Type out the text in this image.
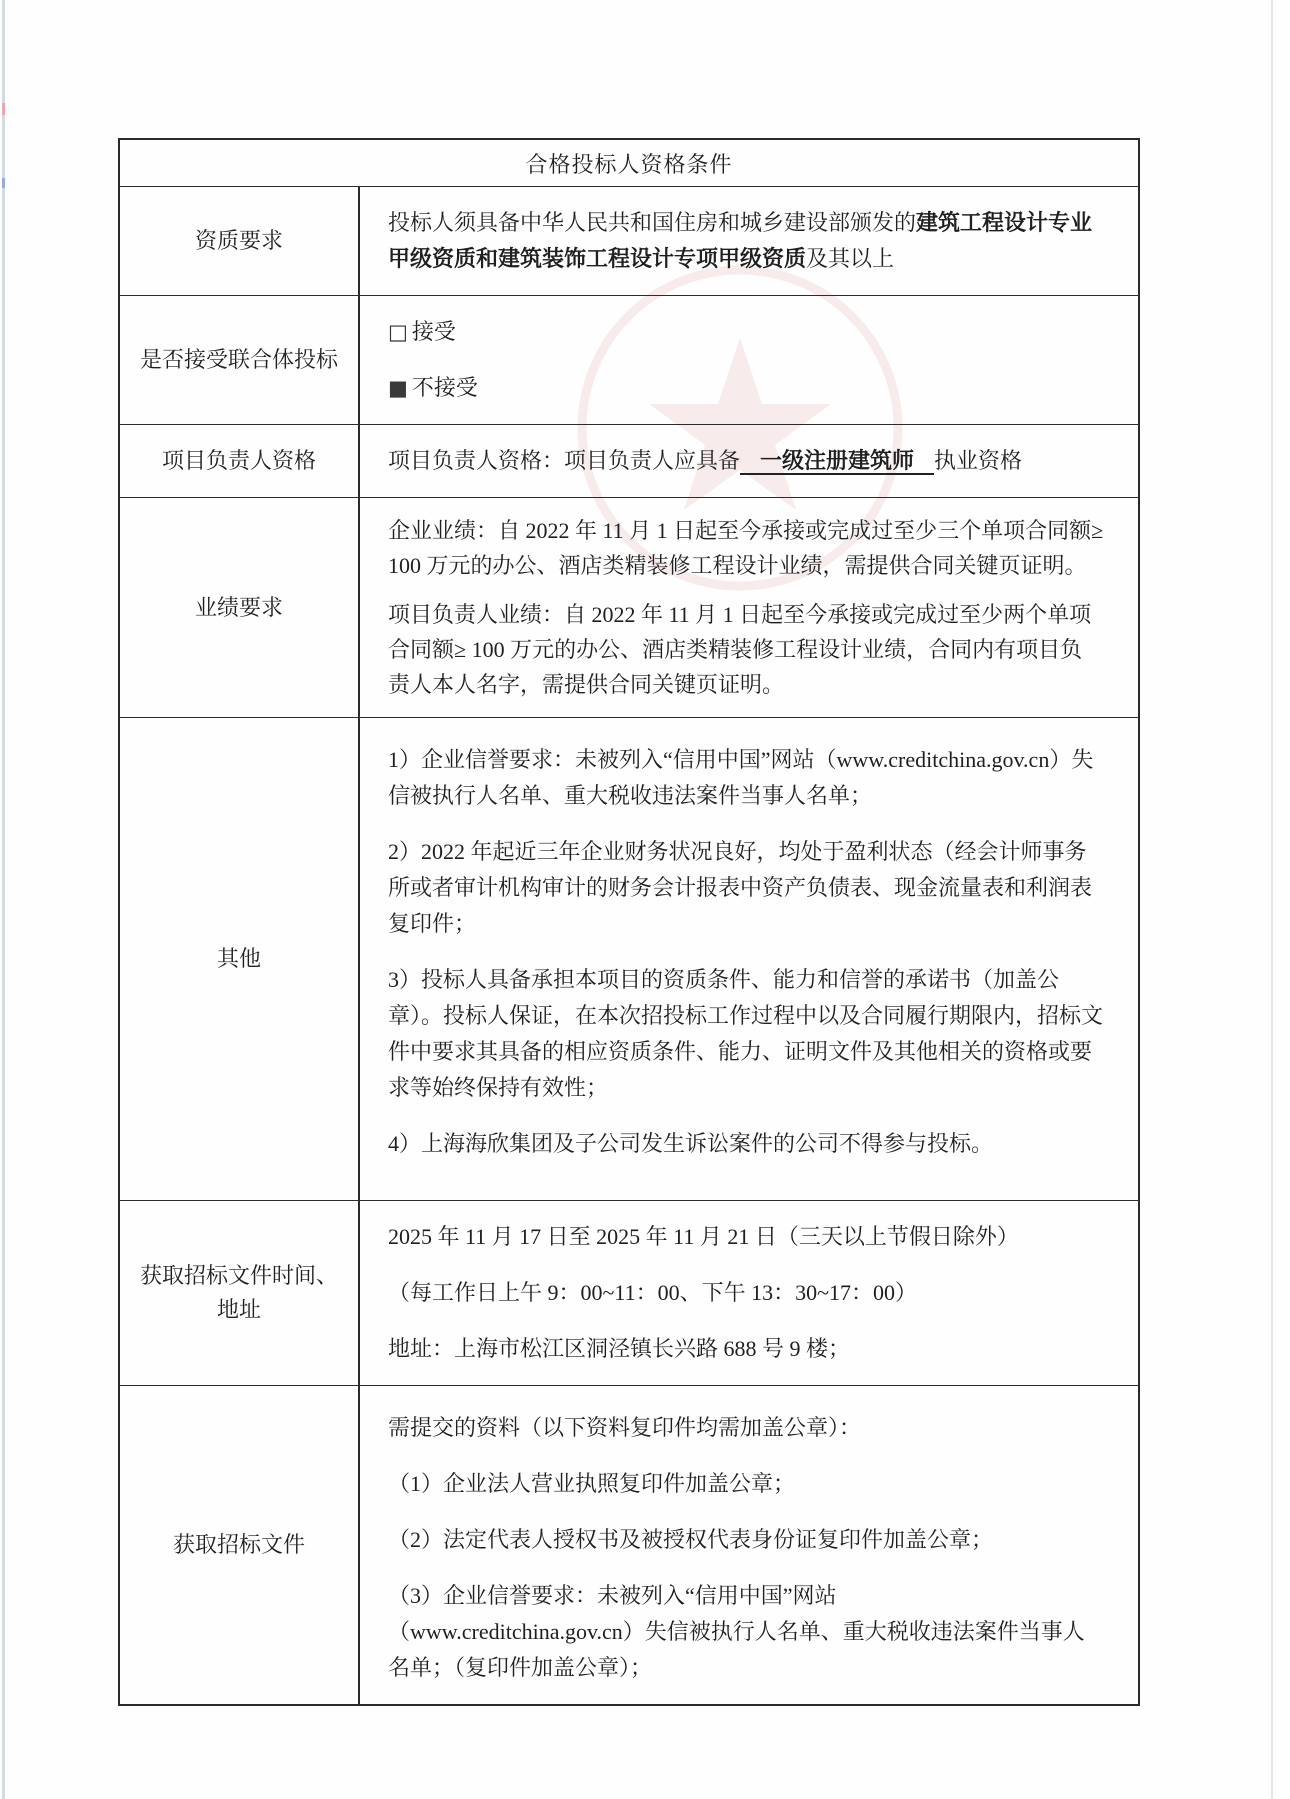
合格投标人资格条件
资质要求

投标人须具备中华人民共和国住房和城乡建设部颁发的建筑工程设计专业甲级资质和建筑装饰工程设计专项甲级资质及其以上

是否接受联合体投标

□ 接受

■ 不接受

项目负责人资格	项目负责人资格：项目负责人应具备 一级注册建筑师 执业资格

业绩要求

企业业绩：自 2022 年 11 月 1 日起至今承接或完成过至少三个单项合同额≥ 100 万元的办公、酒店类精装修工程设计业绩，需提供合同关键页证明。

项目负责人业绩：自 2022 年 11 月 1 日起至今承接或完成过至少两个单项合同额≥ 100 万元的办公、酒店类精装修工程设计业绩，合同内有项目负责人本人名字，需提供合同关键页证明。

其他

1）企业信誉要求：未被列入“信用中国”网站（www.creditchina.gov.cn）失信被执行人名单、重大税收违法案件当事人名单；

2）2022 年起近三年企业财务状况良好，均处于盈利状态（经会计师事务所或者审计机构审计的财务会计报表中资产负债表、现金流量表和利润表复印件；

3）投标人具备承担本项目的资质条件、能力和信誉的承诺书（加盖公章）。投标人保证，在本次招投标工作过程中以及合同履行期限内，招标文件中要求其具备的相应资质条件、能力、证明文件及其他相关的资格或要求等始终保持有效性；

4）上海海欣集团及子公司发生诉讼案件的公司不得参与投标。

获取招标文件时间、地址

2025 年 11 月 17 日至 2025 年 11 月 21 日（三天以上节假日除外）

（每工作日上午 9：00~11：00、下午 13：30~17：00）

地址：上海市松江区洞泾镇长兴路 688 号 9 楼；

获取招标文件

需提交的资料（以下资料复印件均需加盖公章）：

（1）企业法人营业执照复印件加盖公章；

（2）法定代表人授权书及被授权代表身份证复印件加盖公章；

（3）企业信誉要求：未被列入“信用中国”网站
（www.creditchina.gov.cn）失信被执行人名单、重大税收违法案件当事人名单；（复印件加盖公章）；
